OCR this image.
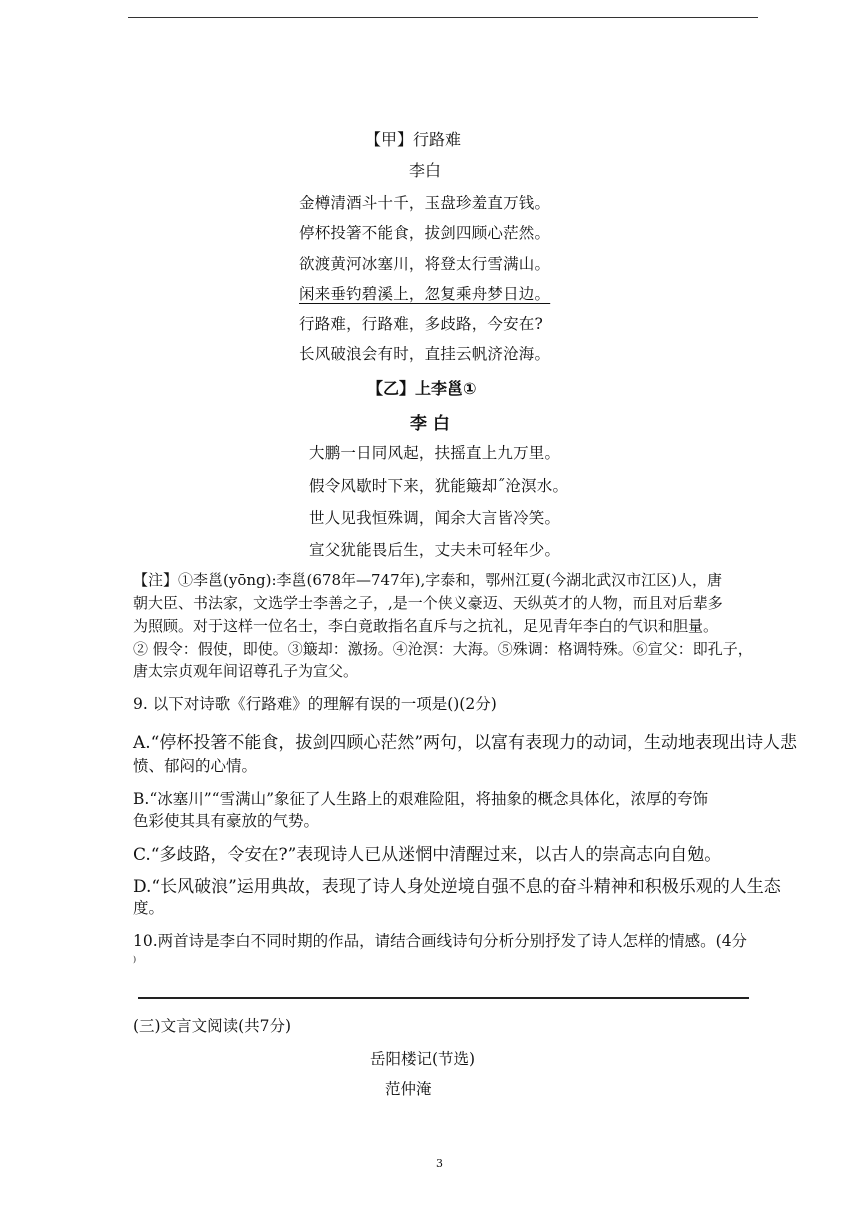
【甲】行路难
李白
金樽清酒斗十千，玉盘珍羞直万钱。
停杯投箸不能食，拔剑四顾心茫然。
欲渡黄河冰塞川，将登太行雪满山。
闲来垂钓碧溪上，忽复乘舟梦日边。
行路难，行路难，多歧路，今安在?
长风破浪会有时，直挂云帆济沧海。
【乙】上李邕①
李 白
大鹏一日同风起，扶摇直上九万里。
假令风歇时下来，犹能簸却˝沧溟水。
世人见我恒殊调，闻余大言皆冷笑。
宣父犹能畏后生，丈夫未可轻年少。
【注】①李邕(yōng):李邕(678年—747年),字泰和，鄂州江夏(今湖北武汉市江区)人，唐
朝大臣、书法家，文选学士李善之子，,是一个侠义豪迈、天纵英才的人物，而且对后辈多
为照顾。对于这样一位名士，李白竟敢指名直斥与之抗礼，足见青年李白的气识和胆量。
② 假令：假使，即使。③簸却：激扬。④沧溟：大海。⑤殊调：格调特殊。⑥宣父：即孔子，
唐太宗贞观年间诏尊孔子为宣父。
9. 以下对诗歌《行路难》的理解有误的一项是()(2分)
A.“停杯投箸不能食，拔剑四顾心茫然”两句，以富有表现力的动词，生动地表现出诗人悲
愤、郁闷的心情。
B.“冰塞川”“雪满山”象征了人生路上的艰难险阻，将抽象的概念具体化，浓厚的夸饰
色彩使其具有豪放的气势。
C.“多歧路，令安在?”表现诗人已从迷惘中清醒过来，以古人的崇高志向自勉。
D.“长风破浪”运用典故，表现了诗人身处逆境自强不息的奋斗精神和积极乐观的人生态
度。
10.两首诗是李白不同时期的作品，请结合画线诗句分析分别抒发了诗人怎样的情感。(4分
)
(三)文言文阅读(共7分)
岳阳楼记(节选)
范仲淹
3
